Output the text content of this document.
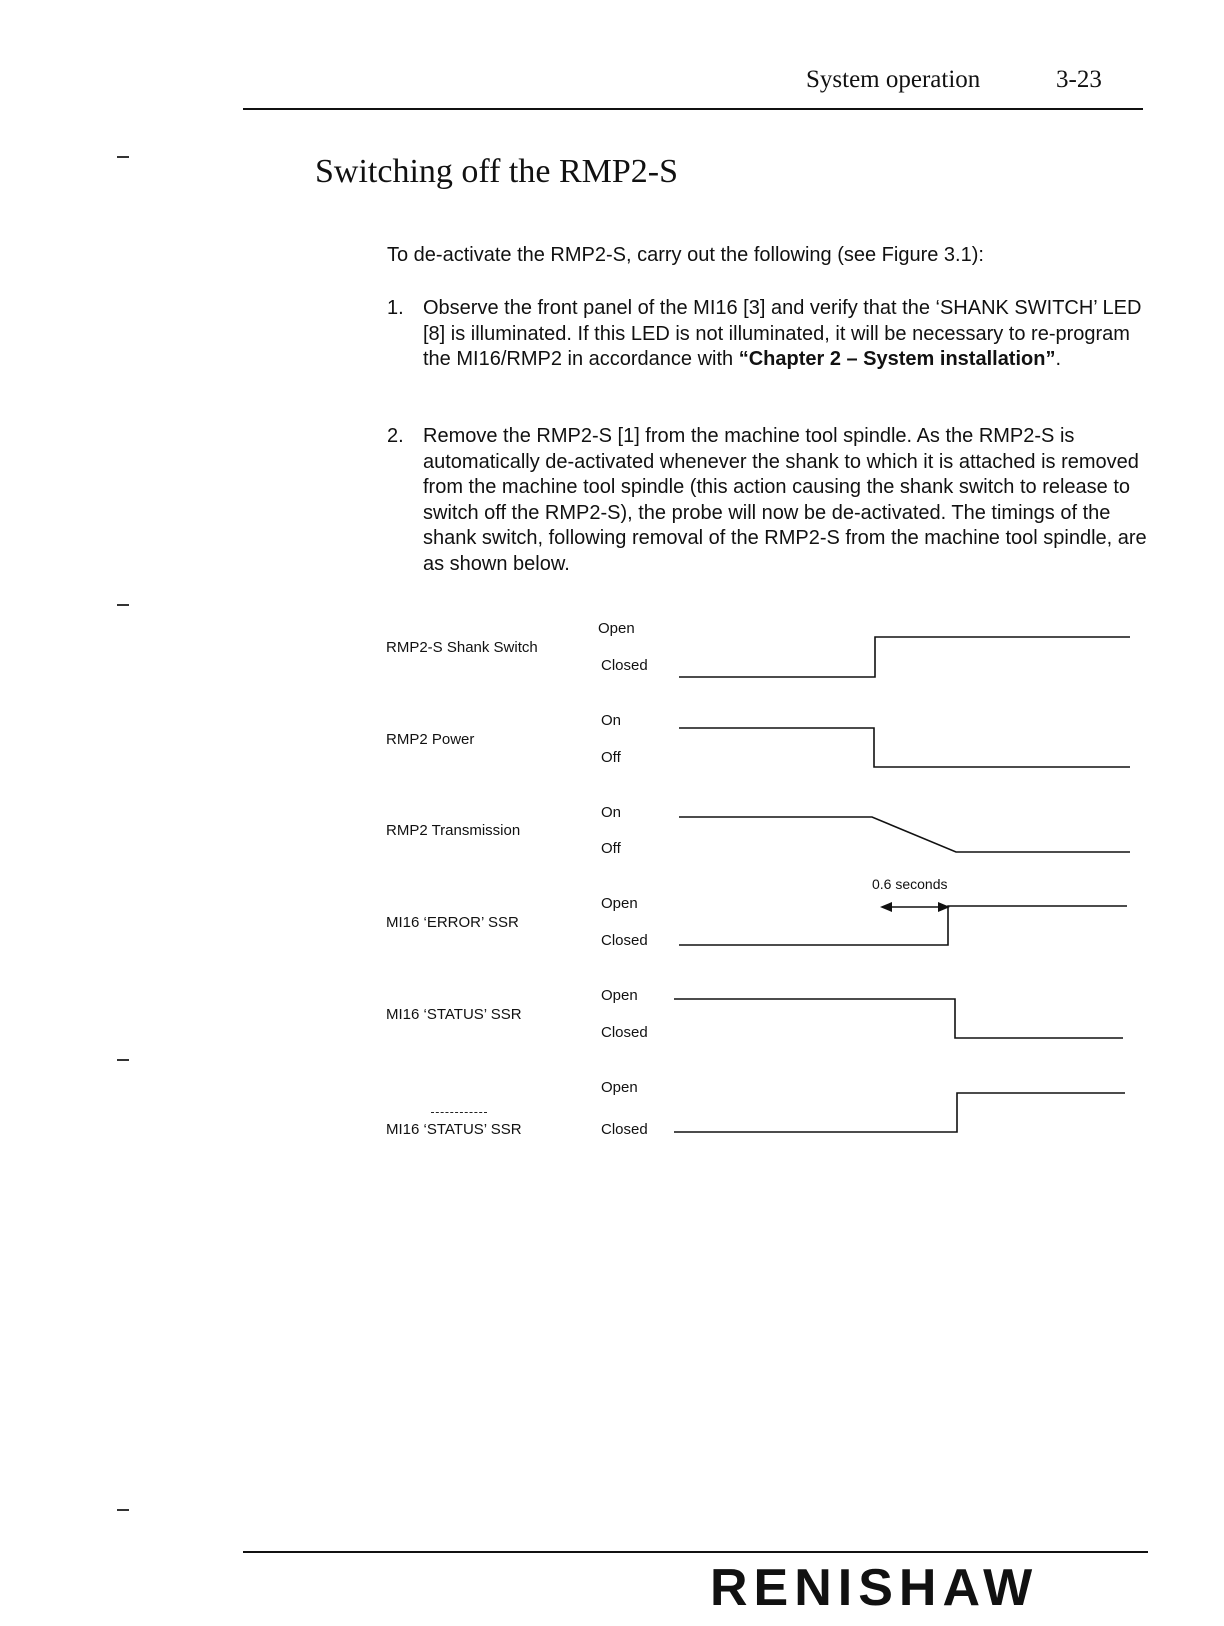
System operation	3-23
Switching off the RMP2-S
To de-activate the RMP2-S, carry out the following (see Figure 3.1):
1. Observe the front panel of the MI16 [3] and verify that the ‘SHANK SWITCH’ LED [8] is illuminated. If this LED is not illuminated, it will be necessary to re-program the MI16/RMP2 in accordance with “Chapter 2 – System installation”.
2. Remove the RMP2-S [1] from the machine tool spindle. As the RMP2-S is automatically de-activated whenever the shank to which it is attached is removed from the machine tool spindle (this action causing the shank switch to release to switch off the RMP2-S), the probe will now be de-activated. The timings of the shank switch, following removal of the RMP2-S from the machine tool spindle, are as shown below.
RMP2-S Shank Switch
Open
Closed
RMP2 Power
On
Off
RMP2 Transmission
On
Off
MI16 ‘ERROR’ SSR
Open
Closed
0.6 seconds
MI16 ‘STATUS’ SSR
Open
Closed
MI16 ‘STATUS’ SSR
Open
Closed
RENISHAW
